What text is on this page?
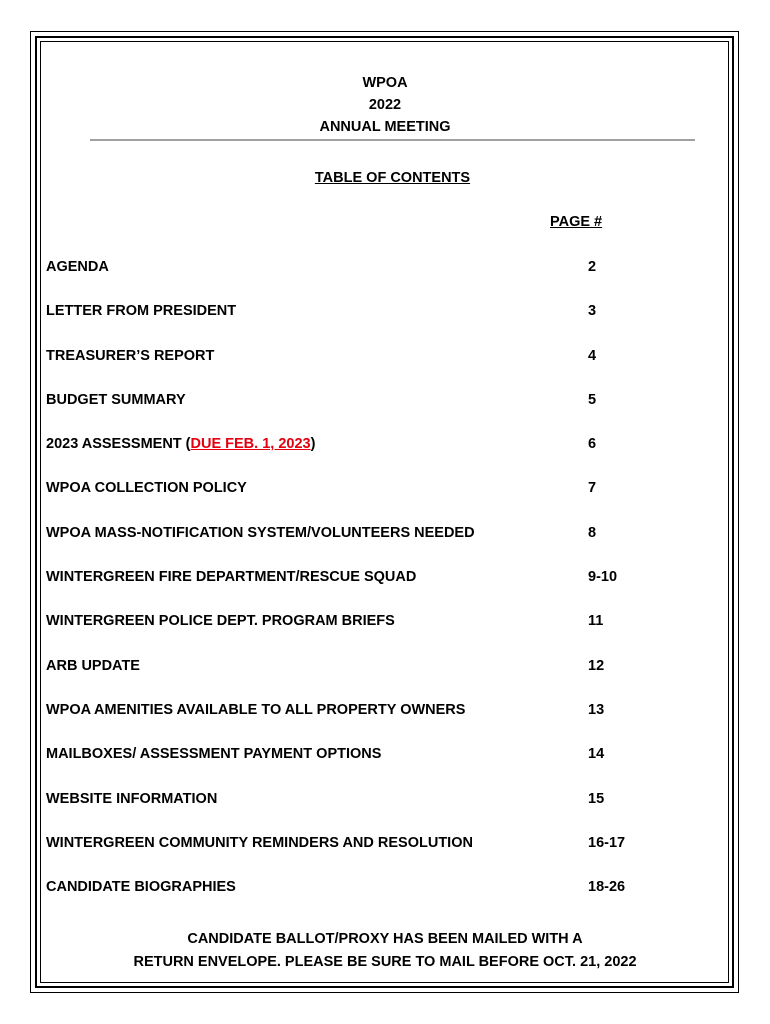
WPOA
2022
ANNUAL MEETING
TABLE OF CONTENTS
PAGE #
AGENDA	2
LETTER FROM PRESIDENT	3
TREASURER’S REPORT	4
BUDGET SUMMARY	5
2023 ASSESSMENT (DUE FEB. 1, 2023)	6
WPOA COLLECTION POLICY	7
WPOA MASS-NOTIFICATION SYSTEM/VOLUNTEERS NEEDED	8
WINTERGREEN FIRE DEPARTMENT/RESCUE SQUAD	9-10
WINTERGREEN POLICE DEPT. PROGRAM BRIEFS	11
ARB UPDATE	12
WPOA AMENITIES AVAILABLE TO ALL PROPERTY OWNERS	13
MAILBOXES/ ASSESSMENT PAYMENT OPTIONS	14
WEBSITE INFORMATION	15
WINTERGREEN COMMUNITY REMINDERS AND RESOLUTION	16-17
CANDIDATE BIOGRAPHIES	18-26
CANDIDATE BALLOT/PROXY HAS BEEN MAILED WITH A
RETURN ENVELOPE. PLEASE BE SURE TO MAIL BEFORE OCT. 21, 2022
